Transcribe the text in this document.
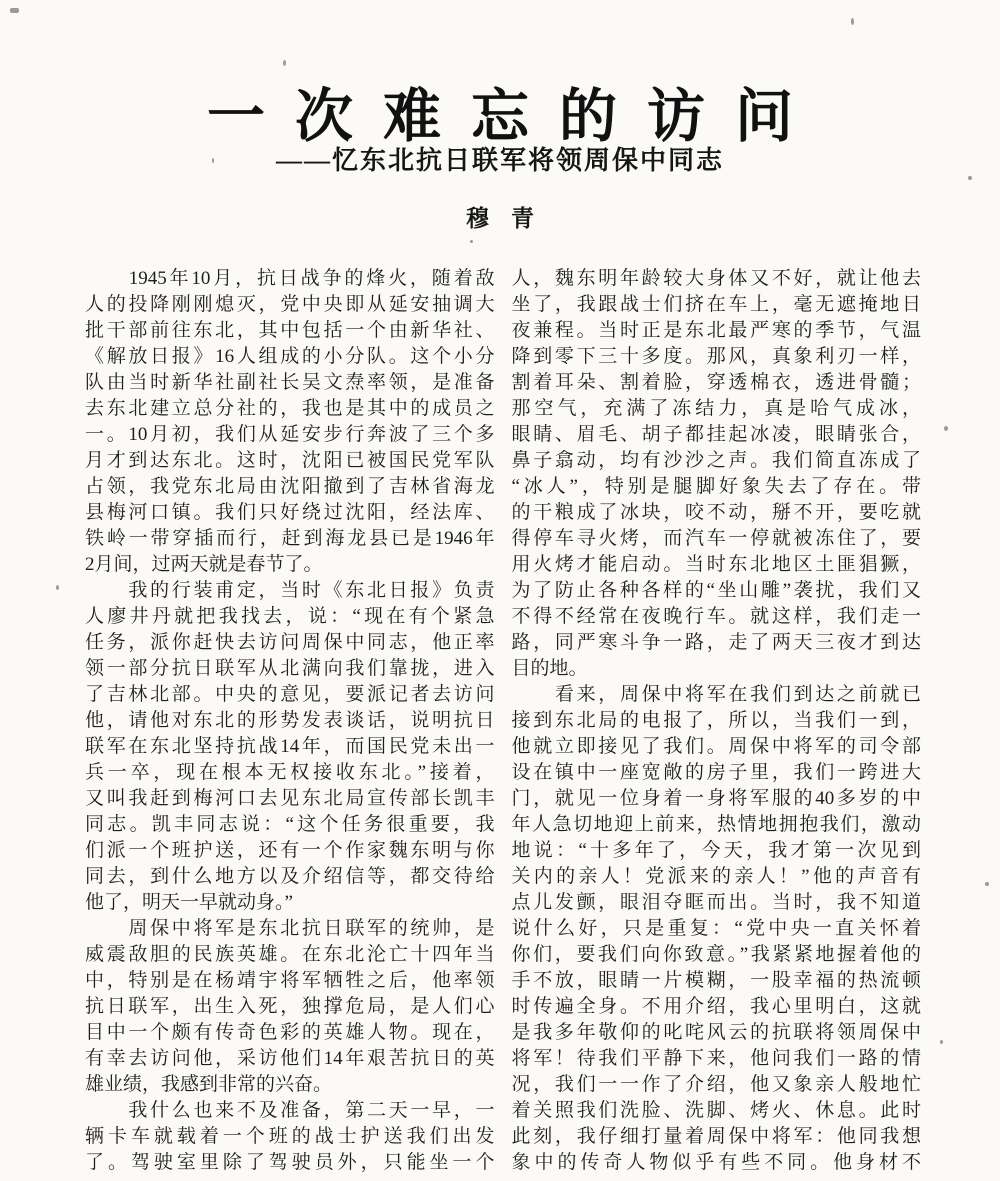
一次难忘的访问
——忆东北抗日联军将领周保中同志
穆青
　　1945年10月，抗日战争的烽火，随着敌
人的投降刚刚熄灭，党中央即从延安抽调大
批干部前往东北，其中包括一个由新华社、
《解放日报》16人组成的小分队。这个小分
队由当时新华社副社长吴文焘率领，是准备
去东北建立总分社的，我也是其中的成员之
一。10月初，我们从延安步行奔波了三个多
月才到达东北。这时，沈阳已被国民党军队
占领，我党东北局由沈阳撤到了吉林省海龙
县梅河口镇。我们只好绕过沈阳，经法库、
铁岭一带穿插而行，赶到海龙县已是1946年
2月间，过两天就是春节了。
　　我的行装甫定，当时《东北日报》负责
人廖井丹就把我找去，说：“现在有个紧急
任务，派你赶快去访问周保中同志，他正率
领一部分抗日联军从北满向我们靠拢，进入
了吉林北部。中央的意见，要派记者去访问
他，请他对东北的形势发表谈话，说明抗日
联军在东北坚持抗战14年，而国民党未出一
兵一卒，现在根本无权接收东北。”接着，
又叫我赶到梅河口去见东北局宣传部长凯丰
同志。凯丰同志说：“这个任务很重要，我
们派一个班护送，还有一个作家魏东明与你
同去，到什么地方以及介绍信等，都交待给
他了，明天一早就动身。”
　　周保中将军是东北抗日联军的统帅，是
威震敌胆的民族英雄。在东北沦亡十四年当
中，特别是在杨靖宇将军牺牲之后，他率领
抗日联军，出生入死，独撑危局，是人们心
目中一个颇有传奇色彩的英雄人物。现在，
有幸去访问他，采访他们14年艰苦抗日的英
雄业绩，我感到非常的兴奋。
　　我什么也来不及准备，第二天一早，一
辆卡车就载着一个班的战士护送我们出发
了。驾驶室里除了驾驶员外，只能坐一个
人，魏东明年龄较大身体又不好，就让他去
坐了，我跟战士们挤在车上，毫无遮掩地日
夜兼程。当时正是东北最严寒的季节，气温
降到零下三十多度。那风，真象利刃一样，
割着耳朵、割着脸，穿透棉衣，透进骨髓；
那空气，充满了冻结力，真是哈气成冰，
眼睛、眉毛、胡子都挂起冰凌，眼睛张合，
鼻子翕动，均有沙沙之声。我们简直冻成了
“冰人”，特别是腿脚好象失去了存在。带
的干粮成了冰块，咬不动，掰不开，要吃就
得停车寻火烤，而汽车一停就被冻住了，要
用火烤才能启动。当时东北地区土匪猖獗，
为了防止各种各样的“坐山雕”袭扰，我们又
不得不经常在夜晚行车。就这样，我们走一
路，同严寒斗争一路，走了两天三夜才到达
目的地。
　　看来，周保中将军在我们到达之前就已
接到东北局的电报了，所以，当我们一到，
他就立即接见了我们。周保中将军的司令部
设在镇中一座宽敞的房子里，我们一跨进大
门，就见一位身着一身将军服的40多岁的中
年人急切地迎上前来，热情地拥抱我们，激动
地说：“十多年了，今天，我才第一次见到
关内的亲人！党派来的亲人！”他的声音有
点儿发颤，眼泪夺眶而出。当时，我不知道
说什么好，只是重复：“党中央一直关怀着
你们，要我们向你致意。”我紧紧地握着他的
手不放，眼睛一片模糊，一股幸福的热流顿
时传遍全身。不用介绍，我心里明白，这就
是我多年敬仰的叱咤风云的抗联将领周保中
将军！待我们平静下来，他问我们一路的情
况，我们一一作了介绍，他又象亲人般地忙
着关照我们洗脸、洗脚、烤火、休息。此时
此刻，我仔细打量着周保中将军：他同我想
象中的传奇人物似乎有些不同。他身材不
